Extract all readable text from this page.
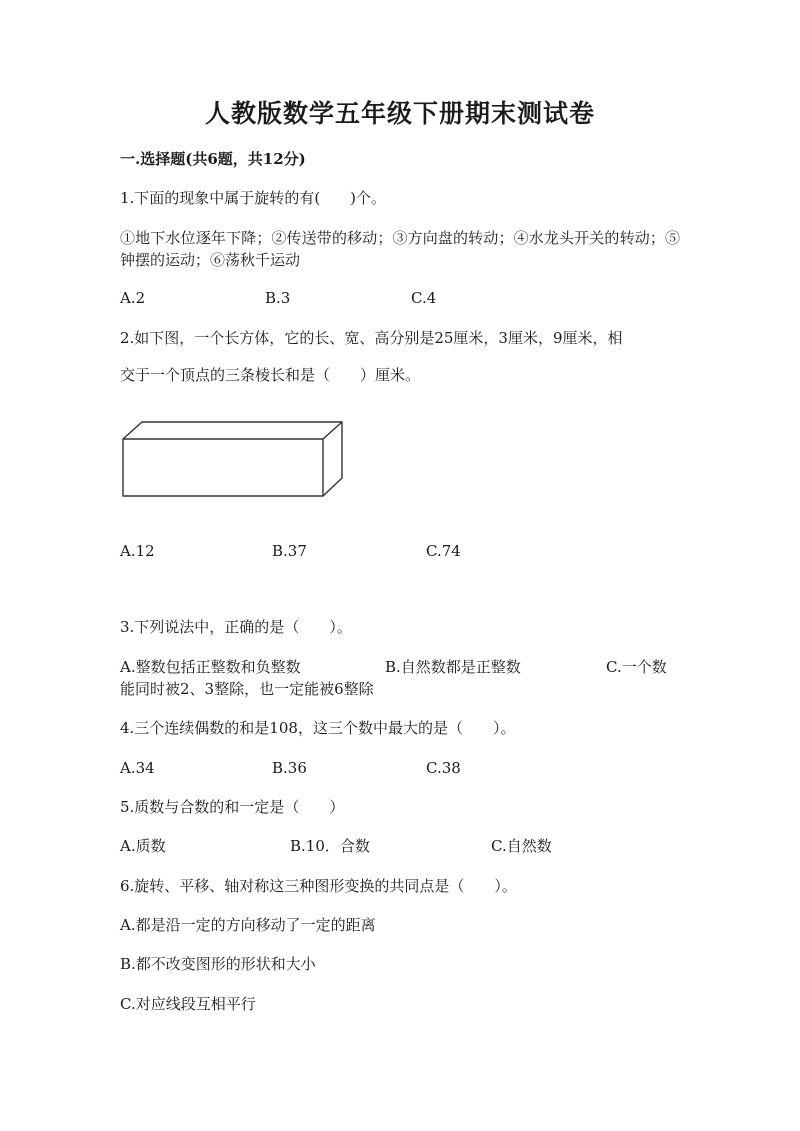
人教版数学五年级下册期末测试卷
一.选择题(共6题，共12分)
1.下面的现象中属于旋转的有(　　)个。
①地下水位逐年下降；②传送带的移动；③方向盘的转动；④水龙头开关的转动；⑤钟摆的运动；⑥荡秋千运动
A.2	B.3	C.4
2.如下图，一个长方体，它的长、宽、高分别是25厘米，3厘米，9厘米，相
交于一个顶点的三条棱长和是（　　）厘米。
A.12	B.37	C.74
3.下列说法中，正确的是（　　）。
A.整数包括正整数和负整数	B.自然数都是正整数	C.一个数
能同时被2、3整除，也一定能被6整除
4.三个连续偶数的和是108，这三个数中最大的是（　　）。
A.34	B.36	C.38
5.质数与合数的和一定是（　　）
A.质数	B.10．合数	C.自然数
6.旋转、平移、轴对称这三种图形变换的共同点是（　　）。
A.都是沿一定的方向移动了一定的距离
B.都不改变图形的形状和大小
C.对应线段互相平行
